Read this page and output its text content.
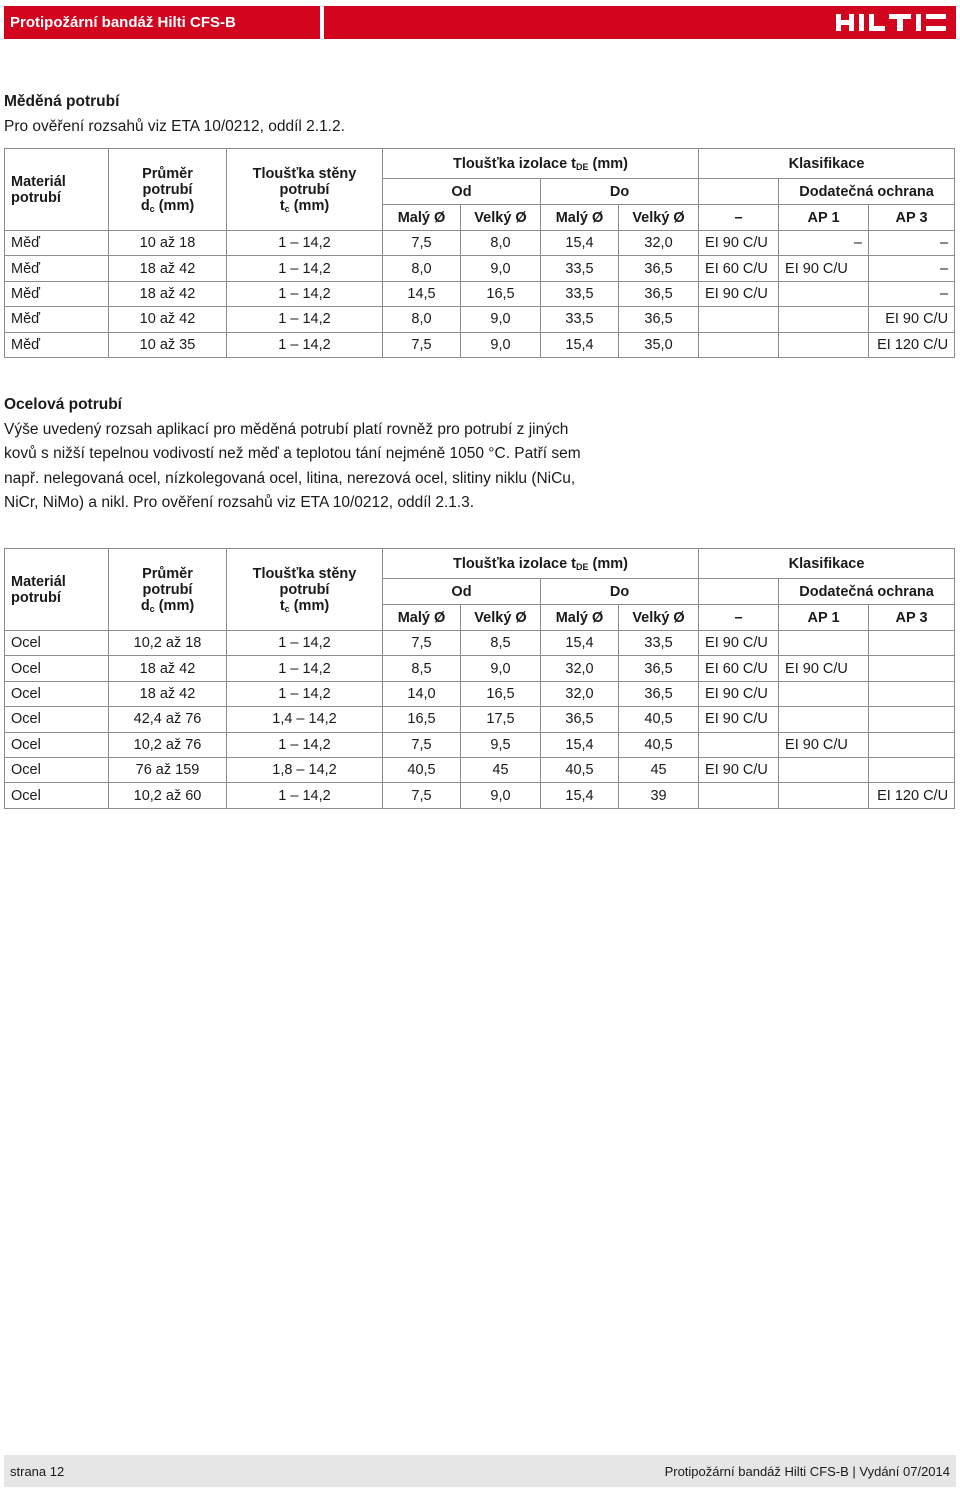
Protipožární bandáž Hilti CFS-B
Měděná potrubí

Pro ověření rozsahů viz ETA 10/0212, oddíl 2.1.2.

Materiál
potrubí	Průměr
potrubí
$d_c$ (mm)	Tloušťka stěny
potrubí
$t_c$ (mm)	Tloušťka izolace $t_{DE}$ (mm)				Klasifikace		
			Od		Do			Dodatečná ochrana	
			Malý Ø	Velký Ø	Malý Ø	Velký Ø	–	AP 1	AP 3
Měď	10 až 18	1 – 14,2	7,5	8,0	15,4	32,0	EI 90 C/U	–	–
Měď	18 až 42	1 – 14,2	8,0	9,0	33,5	36,5	EI 60 C/U	EI 90 C/U	–
Měď	18 až 42	1 – 14,2	14,5	16,5	33,5	36,5	EI 90 C/U		–
Měď	10 až 42	1 – 14,2	8,0	9,0	33,5	36,5			EI 90 C/U
Měď	10 až 35	1 – 14,2	7,5	9,0	15,4	35,0			EI 120 C/U
Ocelová potrubí

Výše uvedený rozsah aplikací pro měděná potrubí platí rovněž pro potrubí z jiných

kovů s nižší tepelnou vodivostí než měď a teplotou tání nejméně 1050 °C. Patří sem

např. nelegovaná ocel, nízkolegovaná ocel, litina, nerezová ocel, slitiny niklu (NiCu,

NiCr, NiMo) a nikl. Pro ověření rozsahů viz ETA 10/0212, oddíl 2.1.3.

Materiál
potrubí	Průměr
potrubí
$d_c$ (mm)	Tloušťka stěny
potrubí
$t_c$ (mm)	Tloušťka izolace $t_{DE}$ (mm)				Klasifikace		
			Od		Do			Dodatečná ochrana	
			Malý Ø	Velký Ø	Malý Ø	Velký Ø	–	AP 1	AP 3
Ocel	10,2 až 18	1 – 14,2	7,5	8,5	15,4	33,5	EI 90 C/U		
Ocel	18 až 42	1 – 14,2	8,5	9,0	32,0	36,5	EI 60 C/U	EI 90 C/U	
Ocel	18 až 42	1 – 14,2	14,0	16,5	32,0	36,5	EI 90 C/U		
Ocel	42,4 až 76	1,4 – 14,2	16,5	17,5	36,5	40,5	EI 90 C/U		
Ocel	10,2 až 76	1 – 14,2	7,5	9,5	15,4	40,5		EI 90 C/U	
Ocel	76 až 159	1,8 – 14,2	40,5	45	40,5	45	EI 90 C/U		
Ocel	10,2 až 60	1 – 14,2	7,5	9,0	15,4	39			EI 120 C/U
strana 12	Protipožární bandáž Hilti CFS-B | Vydání 07/2014
